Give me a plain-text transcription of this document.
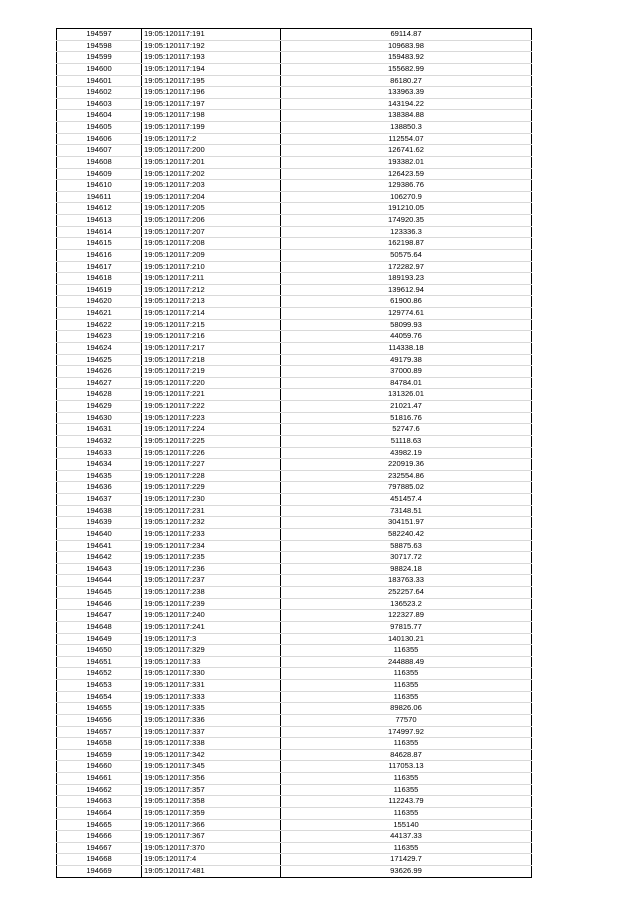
194597	19:05:120117:191	69114.87
194598	19:05:120117:192	109683.98
194599	19:05:120117:193	159483.92
194600	19:05:120117:194	155682.99
194601	19:05:120117:195	86180.27
194602	19:05:120117:196	133963.39
194603	19:05:120117:197	143194.22
194604	19:05:120117:198	138384.88
194605	19:05:120117:199	138850.3
194606	19:05:120117:2	112554.07
194607	19:05:120117:200	126741.62
194608	19:05:120117:201	193382.01
194609	19:05:120117:202	126423.59
194610	19:05:120117:203	129386.76
194611	19:05:120117:204	106270.9
194612	19:05:120117:205	191210.05
194613	19:05:120117:206	174920.35
194614	19:05:120117:207	123336.3
194615	19:05:120117:208	162198.87
194616	19:05:120117:209	50575.64
194617	19:05:120117:210	172282.97
194618	19:05:120117:211	189193.23
194619	19:05:120117:212	139612.94
194620	19:05:120117:213	61900.86
194621	19:05:120117:214	129774.61
194622	19:05:120117:215	58099.93
194623	19:05:120117:216	44059.76
194624	19:05:120117:217	114338.18
194625	19:05:120117:218	49179.38
194626	19:05:120117:219	37000.89
194627	19:05:120117:220	84784.01
194628	19:05:120117:221	131326.01
194629	19:05:120117:222	21021.47
194630	19:05:120117:223	51816.76
194631	19:05:120117:224	52747.6
194632	19:05:120117:225	51118.63
194633	19:05:120117:226	43982.19
194634	19:05:120117:227	220919.36
194635	19:05:120117:228	232554.86
194636	19:05:120117:229	797885.02
194637	19:05:120117:230	451457.4
194638	19:05:120117:231	73148.51
194639	19:05:120117:232	304151.97
194640	19:05:120117:233	582240.42
194641	19:05:120117:234	58875.63
194642	19:05:120117:235	30717.72
194643	19:05:120117:236	98824.18
194644	19:05:120117:237	183763.33
194645	19:05:120117:238	252257.64
194646	19:05:120117:239	136523.2
194647	19:05:120117:240	122327.89
194648	19:05:120117:241	97815.77
194649	19:05:120117:3	140130.21
194650	19:05:120117:329	116355
194651	19:05:120117:33	244888.49
194652	19:05:120117:330	116355
194653	19:05:120117:331	116355
194654	19:05:120117:333	116355
194655	19:05:120117:335	89826.06
194656	19:05:120117:336	77570
194657	19:05:120117:337	174997.92
194658	19:05:120117:338	116355
194659	19:05:120117:342	84628.87
194660	19:05:120117:345	117053.13
194661	19:05:120117:356	116355
194662	19:05:120117:357	116355
194663	19:05:120117:358	112243.79
194664	19:05:120117:359	116355
194665	19:05:120117:366	155140
194666	19:05:120117:367	44137.33
194667	19:05:120117:370	116355
194668	19:05:120117:4	171429.7
194669	19:05:120117:481	93626.99
